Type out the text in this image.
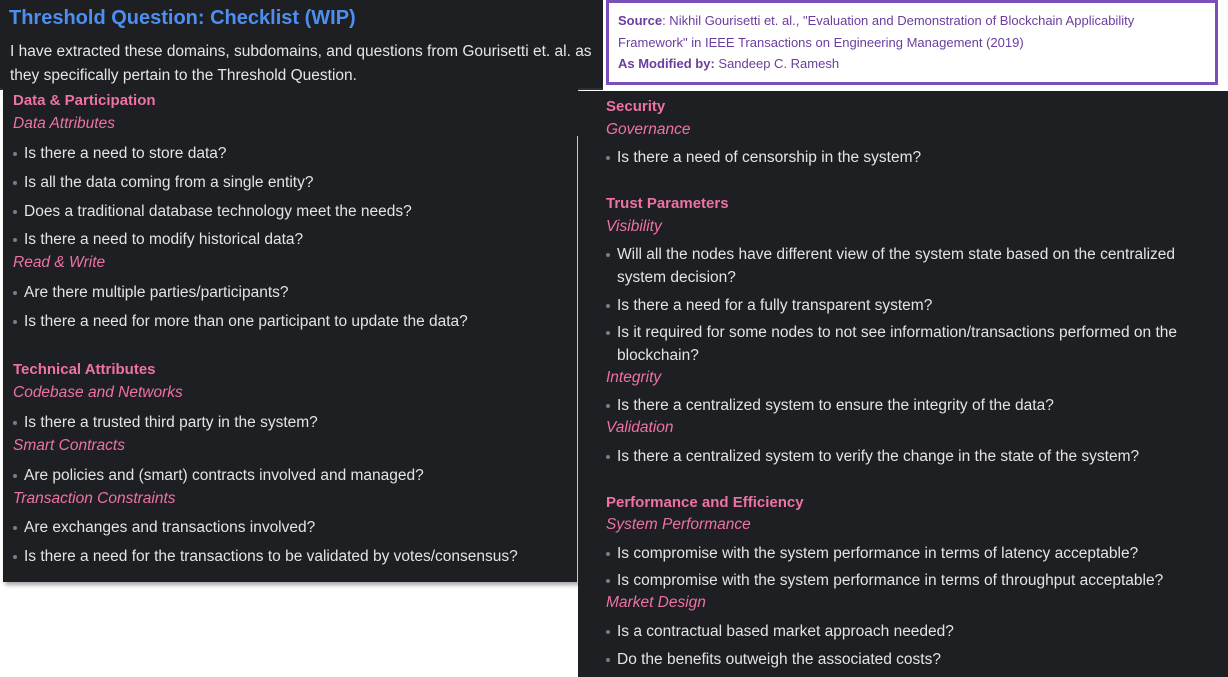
Threshold Question: Checklist (WIP)
I have extracted these domains, subdomains, and questions from Gourisetti et. al. as they specifically pertain to the Threshold Question.
Source: Nikhil Gourisetti et. al., "Evaluation and Demonstration of Blockchain Applicability Framework" in IEEE Transactions on Engineering Management (2019)
As Modified by: Sandeep C. Ramesh
Data & Participation
Data Attributes
Is there a need to store data?
Is all the data coming from a single entity?
Does a traditional database technology meet the needs?
Is there a need to modify historical data?
Read & Write
Are there multiple parties/participants?
Is there a need for more than one participant to update the data?
Technical Attributes
Codebase and Networks
Is there a trusted third party in the system?
Smart Contracts
Are policies and (smart) contracts involved and managed?
Transaction Constraints
Are exchanges and transactions involved?
Is there a need for the transactions to be validated by votes/consensus?
Security
Governance
Is there a need of censorship in the system?
Trust Parameters
Visibility
Will all the nodes have different view of the system state based on the centralized system decision?
Is there a need for a fully transparent system?
Is it required for some nodes to not see information/transactions performed on the blockchain?
Integrity
Is there a centralized system to ensure the integrity of the data?
Validation
Is there a centralized system to verify the change in the state of the system?
Performance and Efficiency
System Performance
Is compromise with the system performance in terms of latency acceptable?
Is compromise with the system performance in terms of throughput acceptable?
Market Design
Is a contractual based market approach needed?
Do the benefits outweigh the associated costs?
